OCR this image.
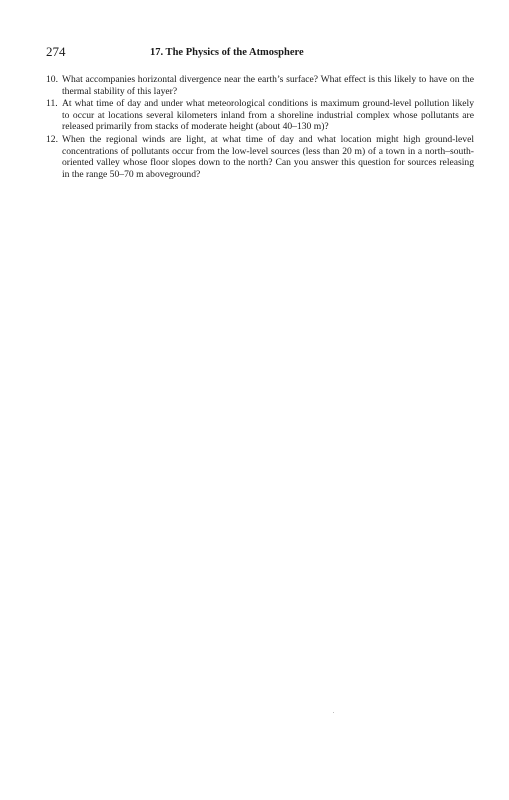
274	17. The Physics of the Atmosphere
10. What accompanies horizontal divergence near the earth’s surface? What effect is this likely to have on the thermal stability of this layer?
11. At what time of day and under what meteorological conditions is maximum ground-level pollution likely to occur at locations several kilometers inland from a shoreline industrial complex whose pollutants are released primarily from stacks of moderate height (about 40–130 m)?
12. When the regional winds are light, at what time of day and what location might high ground-level concentrations of pollutants occur from the low-level sources (less than 20 m) of a town in a north–south-oriented valley whose floor slopes down to the north? Can you answer this question for sources releasing in the range 50–70 m aboveground?
